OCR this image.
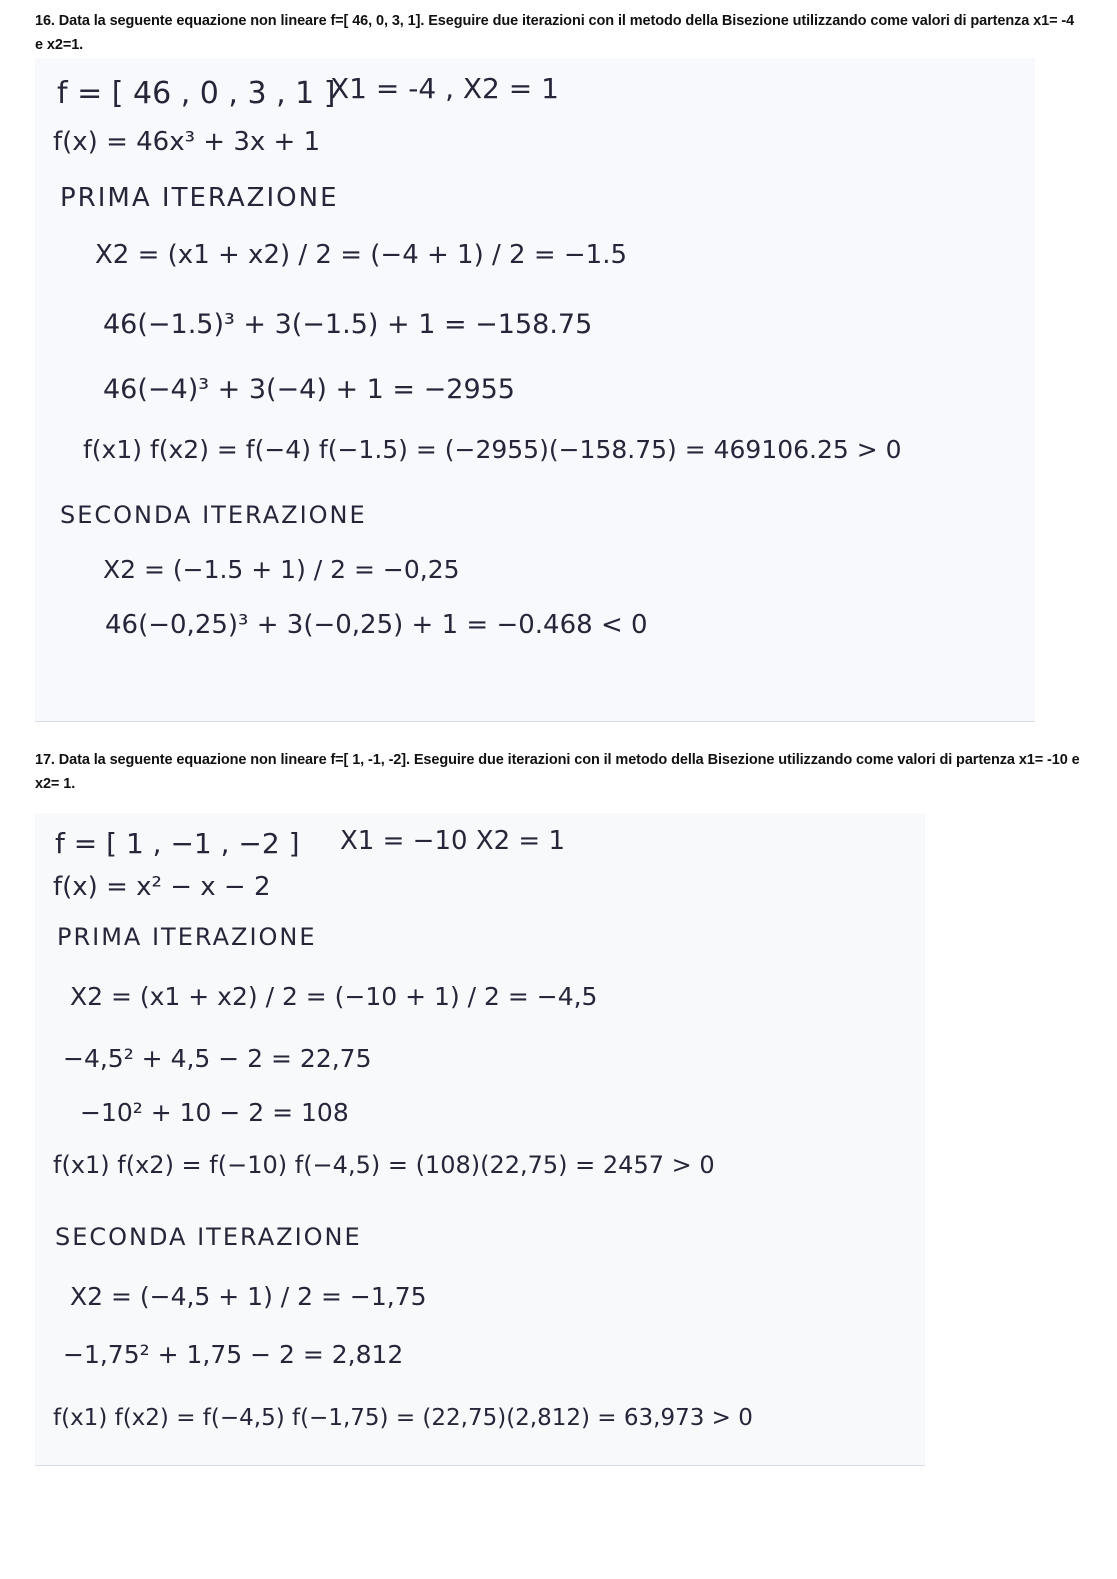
16. Data la seguente equazione non lineare f=[ 46, 0, 3, 1]. Eseguire due iterazioni con il metodo della Bisezione utilizzando come valori di partenza x1= -4 e x2=1.
f = [ 46 , 0 , 3 , 1 ]
X1 = -4 , X2 = 1
f(x) = 46x³ + 3x + 1
PRIMA ITERAZIONE
X2 = (x1 + x2) / 2 = (−4 + 1) / 2 = −1.5
46(−1.5)³ + 3(−1.5) + 1 = −158.75
46(−4)³ + 3(−4) + 1 = −2955
f(x1) f(x2) = f(−4) f(−1.5) = (−2955)(−158.75) = 469106.25 > 0
SECONDA ITERAZIONE
X2 = (−1.5 + 1) / 2 = −0,25
46(−0,25)³ + 3(−0,25) + 1 = −0.468 < 0
17. Data la seguente equazione non lineare f=[ 1, -1, -2]. Eseguire due iterazioni con il metodo della Bisezione utilizzando come valori di partenza x1= -10 e x2= 1.
f = [ 1 , −1 , −2 ] X1 = −10 X2 = 1
f(x) = x² − x − 2
PRIMA ITERAZIONE
X2 = (x1 + x2) / 2 = (−10 + 1) / 2 = −4,5
−4,5² + 4,5 − 2 = 22,75
−10² + 10 − 2 = 108
f(x1) f(x2) = f(−10) f(−4,5) = (108)(22,75) = 2457 > 0
SECONDA ITERAZIONE
X2 = (−4,5 + 1) / 2 = −1,75
−1,75² + 1,75 − 2 = 2,812
f(x1) f(x2) = f(−4,5) f(−1,75) = (22,75)(2,812) = 63,973 > 0
